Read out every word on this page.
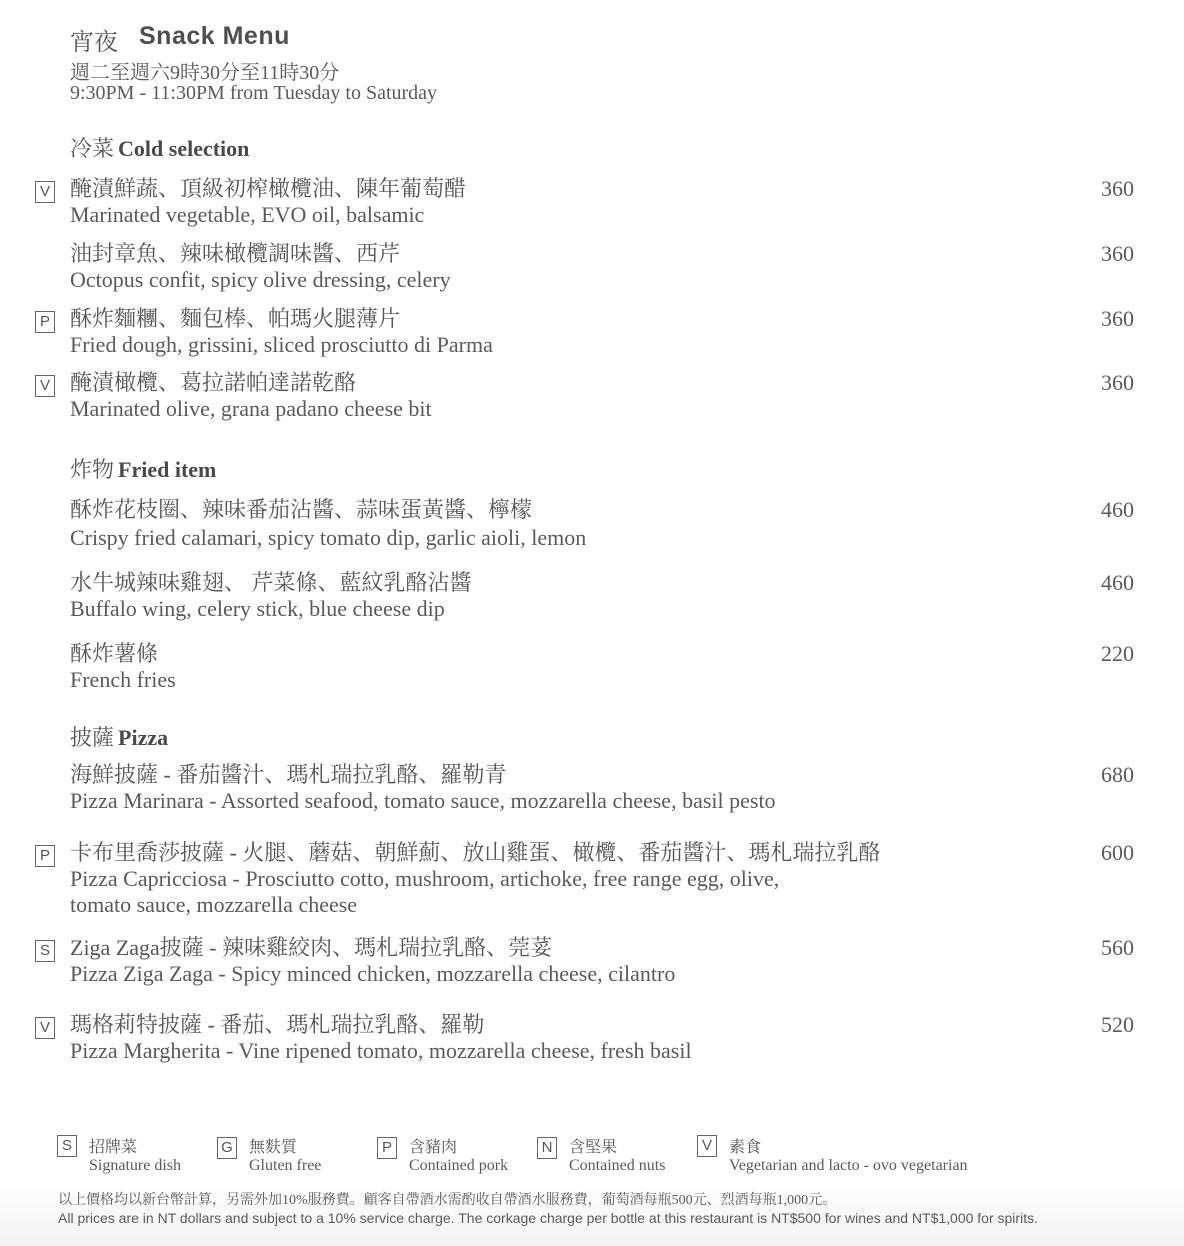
宵夜 Snack Menu
週二至週六9時30分至11時30分
9:30PM - 11:30PM from Tuesday to Saturday
冷菜 Cold selection
V 醃漬鮮蔬、頂級初榨橄欖油、陳年葡萄醋
Marinated vegetable, EVO oil, balsamic
360
油封章魚、辣味橄欖調味醬、西芹
Octopus confit, spicy olive dressing, celery
360
P 酥炸麵糰、麵包棒、帕瑪火腿薄片
Fried dough, grissini, sliced prosciutto di Parma
360
V 醃漬橄欖、葛拉諾帕達諾乾酪
Marinated olive, grana padano cheese bit
360
炸物 Fried item
酥炸花枝圈、辣味番茄沾醬、蒜味蛋黃醬、檸檬
Crispy fried calamari, spicy tomato dip, garlic aioli, lemon
460
水牛城辣味雞翅、 芹菜條、藍紋乳酪沾醬
Buffalo wing, celery stick, blue cheese dip
460
酥炸薯條
French fries
220
披薩 Pizza
海鮮披薩 - 番茄醬汁、瑪札瑞拉乳酪、羅勒青
Pizza Marinara - Assorted seafood, tomato sauce, mozzarella cheese, basil pesto
680
P 卡布里喬莎披薩 - 火腿、蘑菇、朝鮮薊、放山雞蛋、橄欖、番茄醬汁、瑪札瑞拉乳酪
Pizza Capricciosa - Prosciutto cotto, mushroom, artichoke, free range egg, olive,
tomato sauce, mozzarella cheese
600
S Ziga Zaga披薩 - 辣味雞絞肉、瑪札瑞拉乳酪、莞荽
Pizza Ziga Zaga - Spicy minced chicken, mozzarella cheese, cilantro
560
V 瑪格莉特披薩 - 番茄、瑪札瑞拉乳酪、羅勒
Pizza Margherita - Vine ripened tomato, mozzarella cheese, fresh basil
520
S	招牌菜
Signature dish
G 無麩質
Gluten free
P	含豬肉
Contained pork
N 含堅果
Contained nuts
V	素食
Vegetarian and lacto - ovo vegetarian
以上價格均以新台幣計算，另需外加10%服務費。顧客自帶酒水需酌收自帶酒水服務費，葡萄酒每瓶500元、烈酒每瓶1,000元。
All prices are in NT dollars and subject to a 10% service charge. The corkage charge per bottle at this restaurant is NT$500 for wines and NT$1,000 for spirits.
